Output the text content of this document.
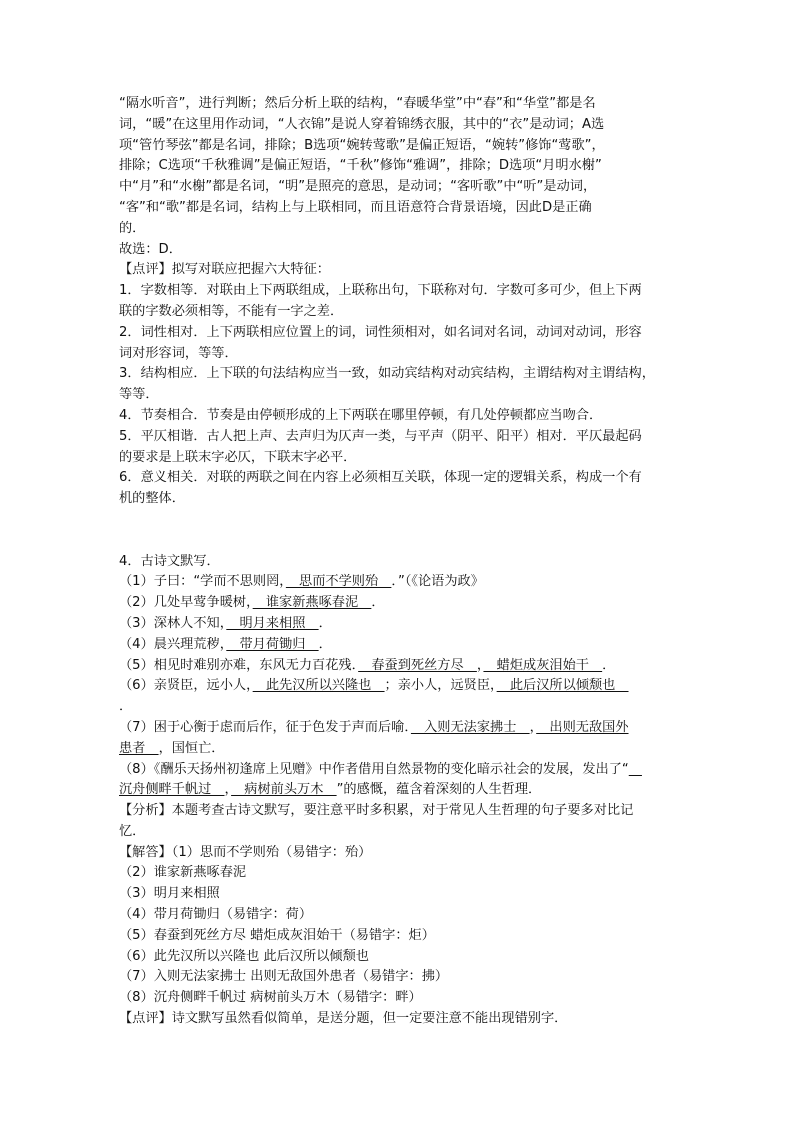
“隔水听音”，进行判断；然后分析上联的结构，“春暖华堂”中“春”和“华堂”都是名

词，“暖”在这里用作动词，“人衣锦”是说人穿着锦绣衣服，其中的“衣”是动词；A选

项“管竹琴弦”都是名词，排除；B选项“婉转莺歌”是偏正短语，“婉转”修饰“莺歌”，

排除；C选项“千秋雅调”是偏正短语，“千秋”修饰“雅调”，排除；D选项“月明水榭”

中“月”和“水榭”都是名词，“明”是照亮的意思，是动词；“客听歌”中“听”是动词，

“客”和“歌”都是名词，结构上与上联相同，而且语意符合背景语境，因此D是正确

的．

故选：D．

【点评】拟写对联应把握六大特征：

1．字数相等．对联由上下两联组成，上联称出句，下联称对句．字数可多可少，但上下两

联的字数必须相等，不能有一字之差．

2．词性相对．上下两联相应位置上的词，词性须相对，如名词对名词，动词对动词，形容

词对形容词，等等．

3．结构相应．上下联的句法结构应当一致，如动宾结构对动宾结构，主谓结构对主谓结构，

等等．

4．节奏相合．节奏是由停顿形成的上下两联在哪里停顿，有几处停顿都应当吻合．

5．平仄相谐．古人把上声、去声归为仄声一类，与平声（阴平、阳平）相对．平仄最起码

的要求是上联末字必仄，下联末字必平．

6．意义相关．对联的两联之间在内容上必须相互关联，体现一定的逻辑关系，构成一个有

机的整体．

4．古诗文默写．

（1）子曰：“学而不思则罔，　思而不学则殆　．”（《论语为政》

（2）几处早莺争暖树，　谁家新燕啄春泥　．

（3）深林人不知，　明月来相照　．

（4）晨兴理荒秽，　带月荷锄归　．

（5）相见时难别亦难，东风无力百花残．　春蚕到死丝方尽　，　蜡炬成灰泪始干　．

（6）亲贤臣，远小人，　此先汉所以兴隆也　；亲小人，远贤臣，　此后汉所以倾颓也　

．

（7）困于心衡于虑而后作，征于色发于声而后喻．　入则无法家拂士　，　出则无敌国外

患者　，国恒亡．

（8）《酬乐天扬州初逢席上见赠》中作者借用自然景物的变化暗示社会的发展，发出了“　

沉舟侧畔千帆过　，　病树前头万木　”的感慨，蕴含着深刻的人生哲理．

【分析】本题考查古诗文默写，要注意平时多积累，对于常见人生哲理的句子要多对比记

忆．

【解答】（1）思而不学则殆（易错字：殆）

（2）谁家新燕啄春泥

（3）明月来相照

（4）带月荷锄归（易错字：荷）

（5）春蚕到死丝方尽 蜡炬成灰泪始干（易错字：炬）

（6）此先汉所以兴隆也 此后汉所以倾颓也

（7）入则无法家拂士 出则无敌国外患者（易错字：拂）

（8）沉舟侧畔千帆过 病树前头万木（易错字：畔）

【点评】诗文默写虽然看似简单，是送分题，但一定要注意不能出现错别字．
